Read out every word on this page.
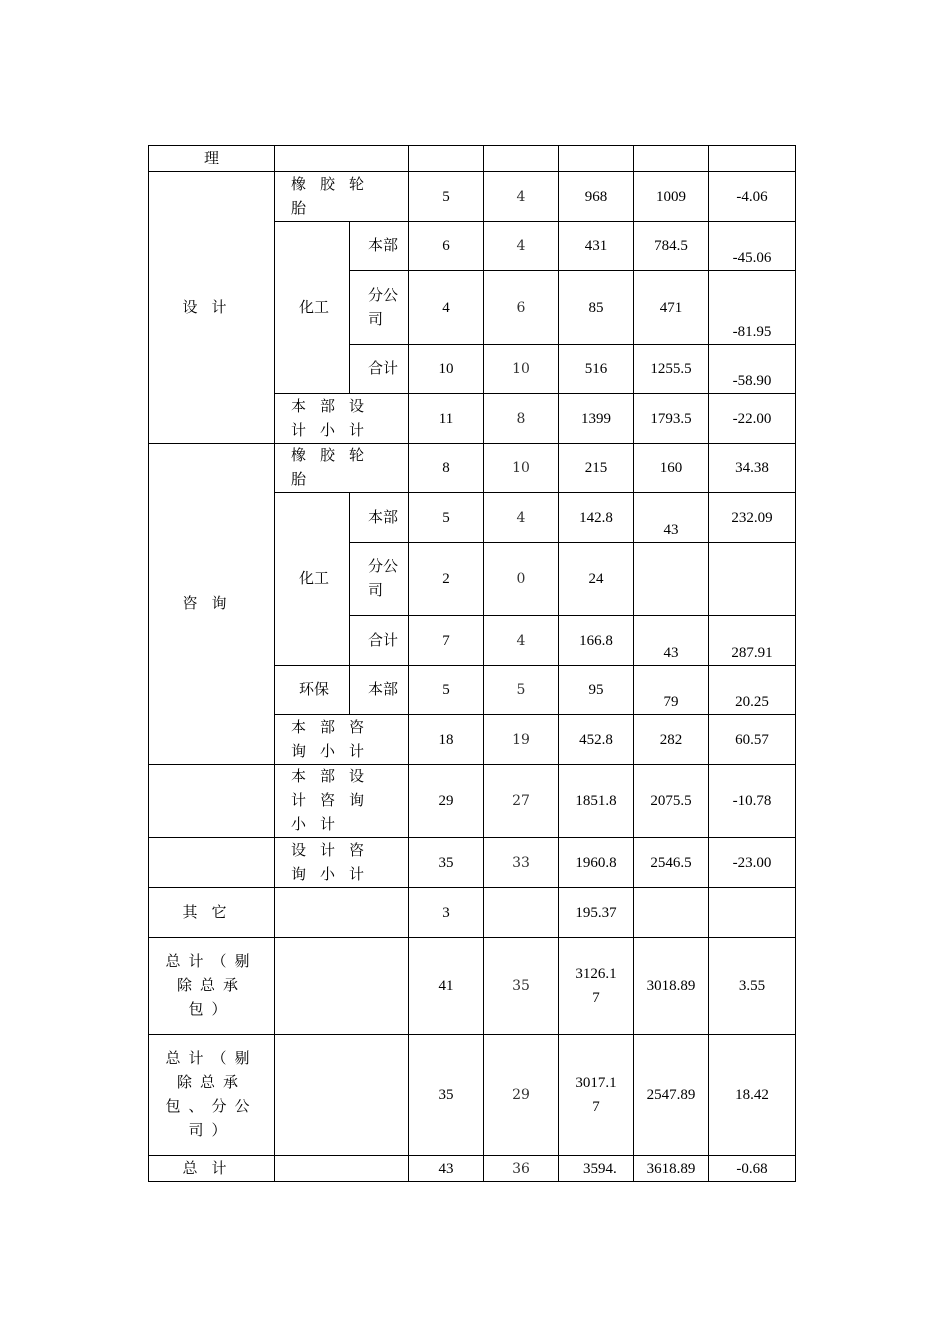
理							
设计	橡胶轮胎		5	4	968	1009	-4.06
	化工	本部	6	4	431	784.5	-45.06
		分公司	4	6	85	471	-81.95
		合计	10	10	516	1255.5	-58.90
	本部设计小计		11	8	1399	1793.5	-22.00
咨询	橡胶轮胎		8	10	215	160	34.38
	化工	本部	5	4	142.8	43	232.09
		分公司	2	0	24		
		合计	7	4	166.8	43	287.91
	环保	本部	5	5	95	79	20.25
	本部咨询小计		18	19	452.8	282	60.57
	本部设计咨询小计		29	27	1851.8	2075.5	-10.78
	设计咨询小计		35	33	1960.8	2546.5	-23.00
其它			3		195.37		
总计（剔除总承包）			41	35	3126.17	3018.89	3.55
总计（剔除总承包、分公司）			35	29	3017.17	2547.89	18.42
总计			43	36	3594.	3618.89	-0.68
